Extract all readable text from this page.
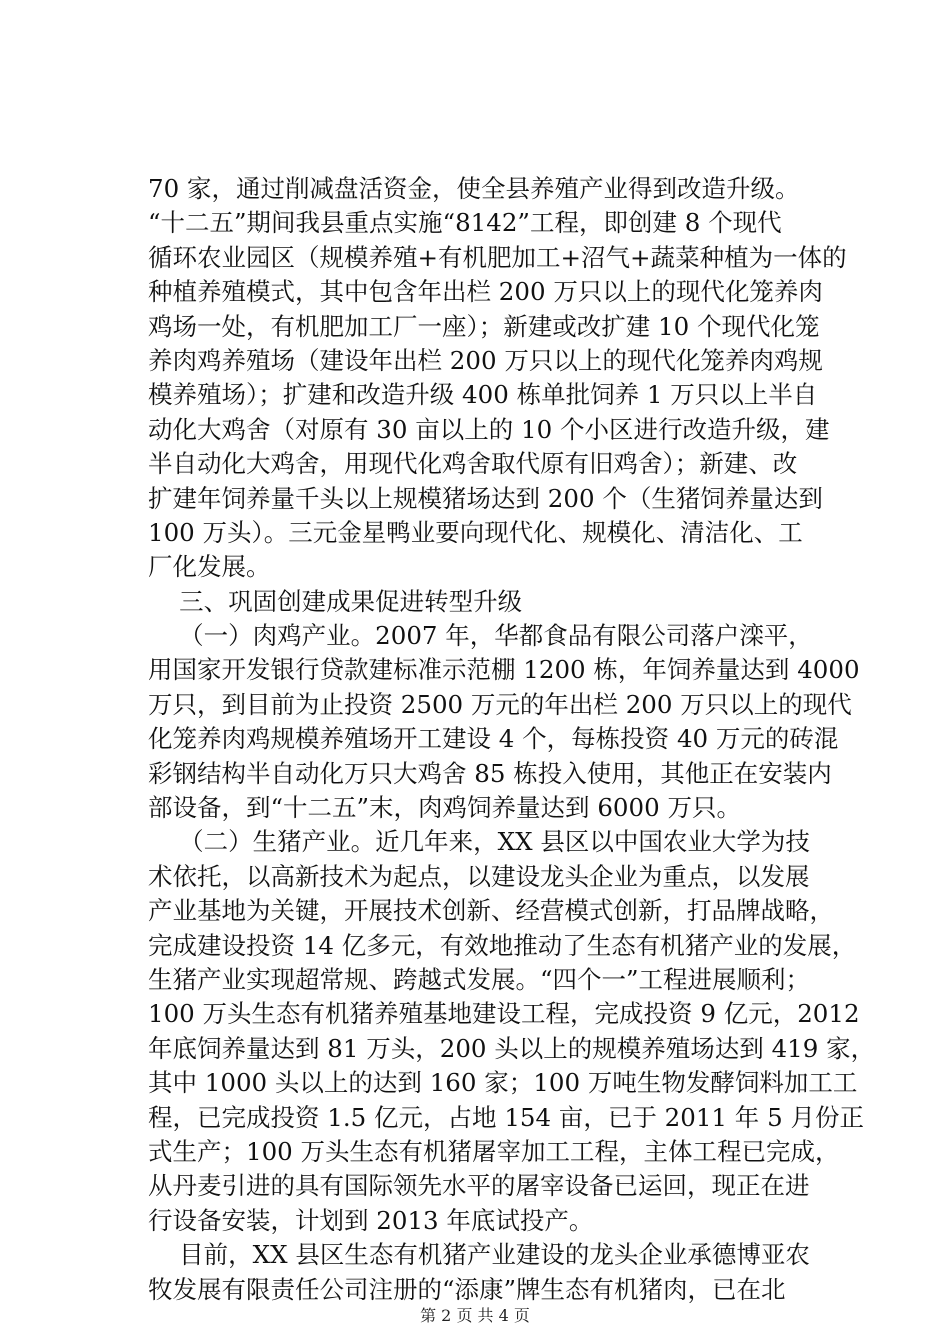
70 家，通过削减盘活资金，使全县养殖产业得到改造升级。
“十二五”期间我县重点实施“8142”工程，即创建 8 个现代
循环农业园区（规模养殖+有机肥加工+沼气+蔬菜种植为一体的
种植养殖模式，其中包含年出栏 200 万只以上的现代化笼养肉
鸡场一处，有机肥加工厂一座）；新建或改扩建 10 个现代化笼
养肉鸡养殖场（建设年出栏 200 万只以上的现代化笼养肉鸡规
模养殖场）；扩建和改造升级 400 栋单批饲养 1 万只以上半自
动化大鸡舍（对原有 30 亩以上的 10 个小区进行改造升级，建
半自动化大鸡舍，用现代化鸡舍取代原有旧鸡舍）；新建、改
扩建年饲养量千头以上规模猪场达到 200 个（生猪饲养量达到
100 万头）。三元金星鸭业要向现代化、规模化、清洁化、工
厂化发展。
三、巩固创建成果促进转型升级
（一）肉鸡产业。2007 年，华都食品有限公司落户滦平，
用国家开发银行贷款建标准示范棚 1200 栋，年饲养量达到 4000
万只，到目前为止投资 2500 万元的年出栏 200 万只以上的现代
化笼养肉鸡规模养殖场开工建设 4 个，每栋投资 40 万元的砖混
彩钢结构半自动化万只大鸡舍 85 栋投入使用，其他正在安装内
部设备，到“十二五”末，肉鸡饲养量达到 6000 万只。
（二）生猪产业。近几年来，XX 县区以中国农业大学为技
术依托，以高新技术为起点，以建设龙头企业为重点，以发展
产业基地为关键，开展技术创新、经营模式创新，打品牌战略，
完成建设投资 14 亿多元，有效地推动了生态有机猪产业的发展，
生猪产业实现超常规、跨越式发展。“四个一”工程进展顺利；
100 万头生态有机猪养殖基地建设工程，完成投资 9 亿元，2012
年底饲养量达到 81 万头，200 头以上的规模养殖场达到 419 家，
其中 1000 头以上的达到 160 家；100 万吨生物发酵饲料加工工
程，已完成投资 1.5 亿元，占地 154 亩，已于 2011 年 5 月份正
式生产；100 万头生态有机猪屠宰加工工程，主体工程已完成，
从丹麦引进的具有国际领先水平的屠宰设备已运回，现正在进
行设备安装，计划到 2013 年底试投产。
目前，XX 县区生态有机猪产业建设的龙头企业承德博亚农
牧发展有限责任公司注册的“添康”牌生态有机猪肉，已在北
第 2 页 共 4 页
